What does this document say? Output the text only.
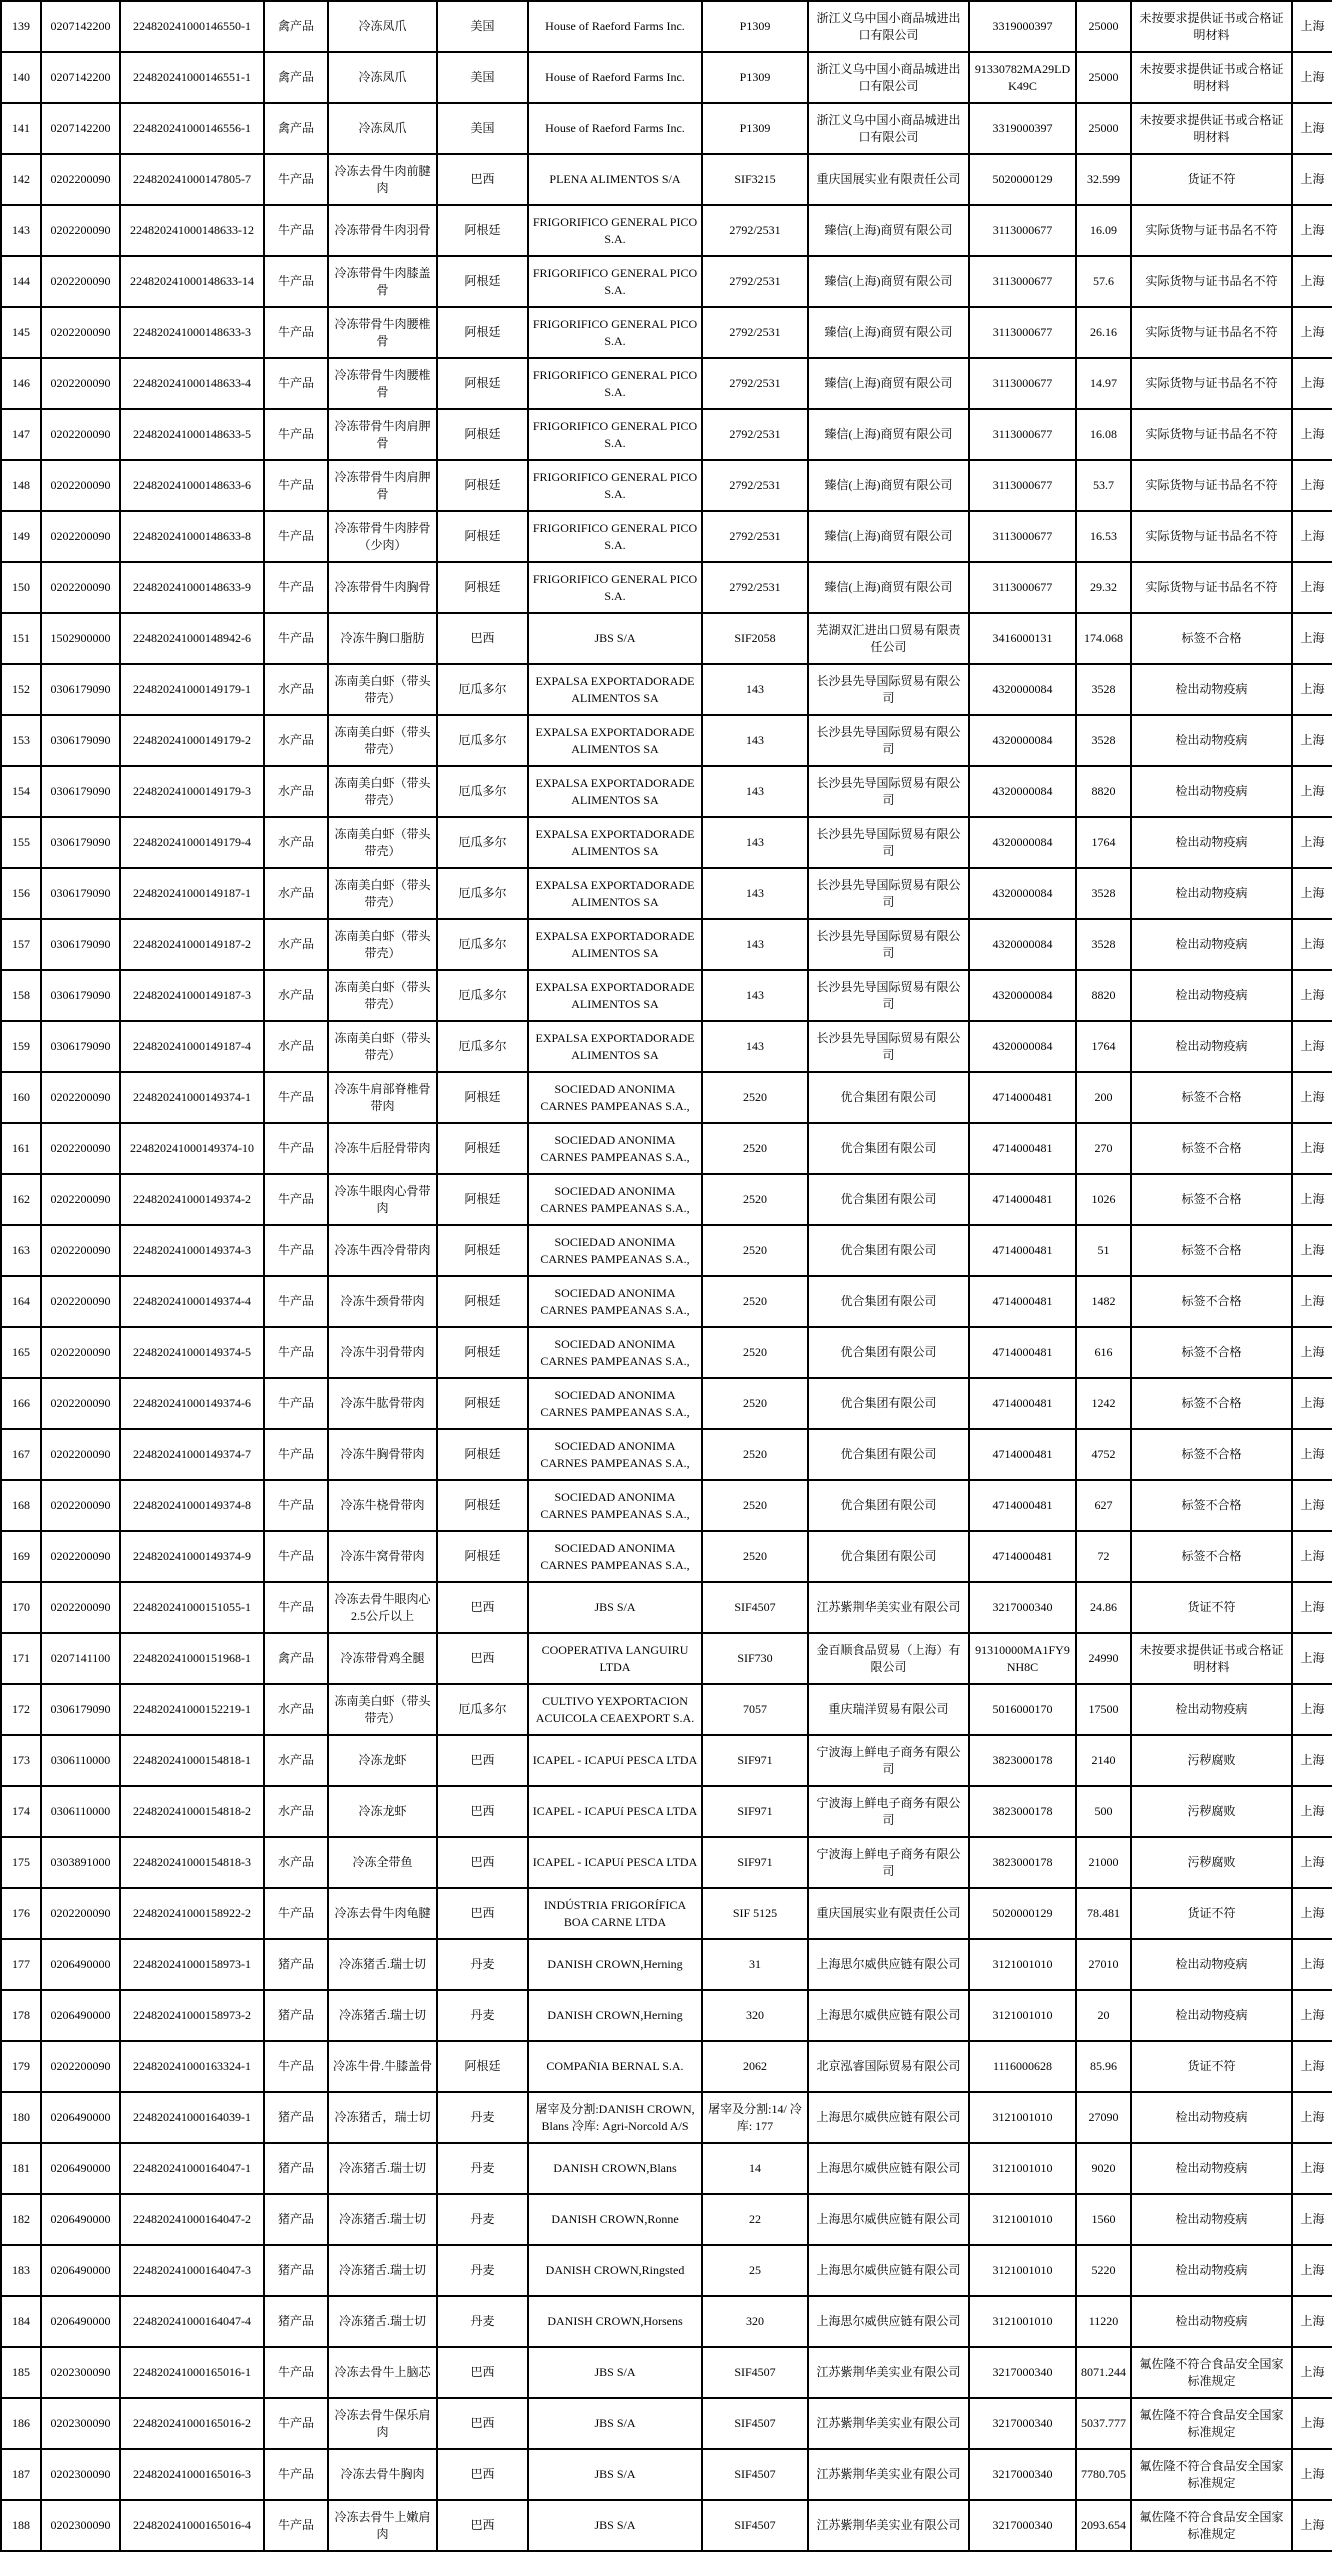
139	0207142200	224820241000146550-1	禽产品	冷冻凤爪	美国	House of Raeford Farms Inc.	P1309	浙江义乌中国小商品城进出口有限公司	3319000397	25000	未按要求提供证书或合格证明材料	上海
140	0207142200	224820241000146551-1	禽产品	冷冻凤爪	美国	House of Raeford Farms Inc.	P1309	浙江义乌中国小商品城进出口有限公司	91330782MA29LDK49C	25000	未按要求提供证书或合格证明材料	上海
141	0207142200	224820241000146556-1	禽产品	冷冻凤爪	美国	House of Raeford Farms Inc.	P1309	浙江义乌中国小商品城进出口有限公司	3319000397	25000	未按要求提供证书或合格证明材料	上海
142	0202200090	224820241000147805-7	牛产品	冷冻去骨牛肉前腱肉	巴西	PLENA ALIMENTOS S/A	SIF3215	重庆国展实业有限责任公司	5020000129	32.599	货证不符	上海
143	0202200090	224820241000148633-12	牛产品	冷冻带骨牛肉羽骨	阿根廷	FRIGORIFICO GENERAL PICO S.A.	2792/2531	臻信(上海)商贸有限公司	3113000677	16.09	实际货物与证书品名不符	上海
144	0202200090	224820241000148633-14	牛产品	冷冻带骨牛肉膝盖骨	阿根廷	FRIGORIFICO GENERAL PICO S.A.	2792/2531	臻信(上海)商贸有限公司	3113000677	57.6	实际货物与证书品名不符	上海
145	0202200090	224820241000148633-3	牛产品	冷冻带骨牛肉腰椎骨	阿根廷	FRIGORIFICO GENERAL PICO S.A.	2792/2531	臻信(上海)商贸有限公司	3113000677	26.16	实际货物与证书品名不符	上海
146	0202200090	224820241000148633-4	牛产品	冷冻带骨牛肉腰椎骨	阿根廷	FRIGORIFICO GENERAL PICO S.A.	2792/2531	臻信(上海)商贸有限公司	3113000677	14.97	实际货物与证书品名不符	上海
147	0202200090	224820241000148633-5	牛产品	冷冻带骨牛肉肩胛骨	阿根廷	FRIGORIFICO GENERAL PICO S.A.	2792/2531	臻信(上海)商贸有限公司	3113000677	16.08	实际货物与证书品名不符	上海
148	0202200090	224820241000148633-6	牛产品	冷冻带骨牛肉肩胛骨	阿根廷	FRIGORIFICO GENERAL PICO S.A.	2792/2531	臻信(上海)商贸有限公司	3113000677	53.7	实际货物与证书品名不符	上海
149	0202200090	224820241000148633-8	牛产品	冷冻带骨牛肉脖骨（少肉）	阿根廷	FRIGORIFICO GENERAL PICO S.A.	2792/2531	臻信(上海)商贸有限公司	3113000677	16.53	实际货物与证书品名不符	上海
150	0202200090	224820241000148633-9	牛产品	冷冻带骨牛肉胸骨	阿根廷	FRIGORIFICO GENERAL PICO S.A.	2792/2531	臻信(上海)商贸有限公司	3113000677	29.32	实际货物与证书品名不符	上海
151	1502900000	224820241000148942-6	牛产品	冷冻牛胸口脂肪	巴西	JBS S/A	SIF2058	芜湖双汇进出口贸易有限责任公司	3416000131	174.068	标签不合格	上海
152	0306179090	224820241000149179-1	水产品	冻南美白虾（带头带壳）	厄瓜多尔	EXPALSA EXPORTADORADE ALIMENTOS SA	143	长沙县先导国际贸易有限公司	4320000084	3528	检出动物疫病	上海
153	0306179090	224820241000149179-2	水产品	冻南美白虾（带头带壳）	厄瓜多尔	EXPALSA EXPORTADORADE ALIMENTOS SA	143	长沙县先导国际贸易有限公司	4320000084	3528	检出动物疫病	上海
154	0306179090	224820241000149179-3	水产品	冻南美白虾（带头带壳）	厄瓜多尔	EXPALSA EXPORTADORADE ALIMENTOS SA	143	长沙县先导国际贸易有限公司	4320000084	8820	检出动物疫病	上海
155	0306179090	224820241000149179-4	水产品	冻南美白虾（带头带壳）	厄瓜多尔	EXPALSA EXPORTADORADE ALIMENTOS SA	143	长沙县先导国际贸易有限公司	4320000084	1764	检出动物疫病	上海
156	0306179090	224820241000149187-1	水产品	冻南美白虾（带头带壳）	厄瓜多尔	EXPALSA EXPORTADORADE ALIMENTOS SA	143	长沙县先导国际贸易有限公司	4320000084	3528	检出动物疫病	上海
157	0306179090	224820241000149187-2	水产品	冻南美白虾（带头带壳）	厄瓜多尔	EXPALSA EXPORTADORADE ALIMENTOS SA	143	长沙县先导国际贸易有限公司	4320000084	3528	检出动物疫病	上海
158	0306179090	224820241000149187-3	水产品	冻南美白虾（带头带壳）	厄瓜多尔	EXPALSA EXPORTADORADE ALIMENTOS SA	143	长沙县先导国际贸易有限公司	4320000084	8820	检出动物疫病	上海
159	0306179090	224820241000149187-4	水产品	冻南美白虾（带头带壳）	厄瓜多尔	EXPALSA EXPORTADORADE ALIMENTOS SA	143	长沙县先导国际贸易有限公司	4320000084	1764	检出动物疫病	上海
160	0202200090	224820241000149374-1	牛产品	冷冻牛肩部脊椎骨带肉	阿根廷	SOCIEDAD ANONIMA CARNES PAMPEANAS S.A.,	2520	优合集团有限公司	4714000481	200	标签不合格	上海
161	0202200090	224820241000149374-10	牛产品	冷冻牛后胫骨带肉	阿根廷	SOCIEDAD ANONIMA CARNES PAMPEANAS S.A.,	2520	优合集团有限公司	4714000481	270	标签不合格	上海
162	0202200090	224820241000149374-2	牛产品	冷冻牛眼肉心骨带肉	阿根廷	SOCIEDAD ANONIMA CARNES PAMPEANAS S.A.,	2520	优合集团有限公司	4714000481	1026	标签不合格	上海
163	0202200090	224820241000149374-3	牛产品	冷冻牛西冷骨带肉	阿根廷	SOCIEDAD ANONIMA CARNES PAMPEANAS S.A.,	2520	优合集团有限公司	4714000481	51	标签不合格	上海
164	0202200090	224820241000149374-4	牛产品	冷冻牛颈骨带肉	阿根廷	SOCIEDAD ANONIMA CARNES PAMPEANAS S.A.,	2520	优合集团有限公司	4714000481	1482	标签不合格	上海
165	0202200090	224820241000149374-5	牛产品	冷冻牛羽骨带肉	阿根廷	SOCIEDAD ANONIMA CARNES PAMPEANAS S.A.,	2520	优合集团有限公司	4714000481	616	标签不合格	上海
166	0202200090	224820241000149374-6	牛产品	冷冻牛肱骨带肉	阿根廷	SOCIEDAD ANONIMA CARNES PAMPEANAS S.A.,	2520	优合集团有限公司	4714000481	1242	标签不合格	上海
167	0202200090	224820241000149374-7	牛产品	冷冻牛胸骨带肉	阿根廷	SOCIEDAD ANONIMA CARNES PAMPEANAS S.A.,	2520	优合集团有限公司	4714000481	4752	标签不合格	上海
168	0202200090	224820241000149374-8	牛产品	冷冻牛桡骨带肉	阿根廷	SOCIEDAD ANONIMA CARNES PAMPEANAS S.A.,	2520	优合集团有限公司	4714000481	627	标签不合格	上海
169	0202200090	224820241000149374-9	牛产品	冷冻牛窝骨带肉	阿根廷	SOCIEDAD ANONIMA CARNES PAMPEANAS S.A.,	2520	优合集团有限公司	4714000481	72	标签不合格	上海
170	0202200090	224820241000151055-1	牛产品	冷冻去骨牛眼肉心 2.5公斤以上	巴西	JBS S/A	SIF4507	江苏紫荆华美实业有限公司	3217000340	24.86	货证不符	上海
171	0207141100	224820241000151968-1	禽产品	冷冻带骨鸡全腿	巴西	COOPERATIVA LANGUIRU LTDA	SIF730	金百顺食品贸易（上海）有限公司	91310000MA1FY9NH8C	24990	未按要求提供证书或合格证明材料	上海
172	0306179090	224820241000152219-1	水产品	冻南美白虾（带头带壳）	厄瓜多尔	CULTIVO YEXPORTACION ACUICOLA CEAEXPORT S.A.	7057	重庆瑞洋贸易有限公司	5016000170	17500	检出动物疫病	上海
173	0306110000	224820241000154818-1	水产品	冷冻龙虾	巴西	ICAPEL - ICAPUí PESCA LTDA	SIF971	宁波海上鲜电子商务有限公司	3823000178	2140	污秽腐败	上海
174	0306110000	224820241000154818-2	水产品	冷冻龙虾	巴西	ICAPEL - ICAPUí PESCA LTDA	SIF971	宁波海上鲜电子商务有限公司	3823000178	500	污秽腐败	上海
175	0303891000	224820241000154818-3	水产品	冷冻全带鱼	巴西	ICAPEL - ICAPUí PESCA LTDA	SIF971	宁波海上鲜电子商务有限公司	3823000178	21000	污秽腐败	上海
176	0202200090	224820241000158922-2	牛产品	冷冻去骨牛肉龟腱	巴西	INDÚSTRIA FRIGORÍFICA BOA CARNE LTDA	SIF 5125	重庆国展实业有限责任公司	5020000129	78.481	货证不符	上海
177	0206490000	224820241000158973-1	猪产品	冷冻猪舌.瑞士切	丹麦	DANISH CROWN,Herning	31	上海思尔威供应链有限公司	3121001010	27010	检出动物疫病	上海
178	0206490000	224820241000158973-2	猪产品	冷冻猪舌.瑞士切	丹麦	DANISH CROWN,Herning	320	上海思尔威供应链有限公司	3121001010	20	检出动物疫病	上海
179	0202200090	224820241000163324-1	牛产品	冷冻牛骨.牛膝盖骨	阿根廷	COMPAÑIA BERNAL S.A.	2062	北京泓睿国际贸易有限公司	1116000628	85.96	货证不符	上海
180	0206490000	224820241000164039-1	猪产品	冷冻猪舌，瑞士切	丹麦	屠宰及分割:DANISH CROWN, Blans 冷库: Agri-Norcold A/S	屠宰及分割:14/ 冷库: 177	上海思尔威供应链有限公司	3121001010	27090	检出动物疫病	上海
181	0206490000	224820241000164047-1	猪产品	冷冻猪舌.瑞士切	丹麦	DANISH CROWN,Blans	14	上海思尔威供应链有限公司	3121001010	9020	检出动物疫病	上海
182	0206490000	224820241000164047-2	猪产品	冷冻猪舌.瑞士切	丹麦	DANISH CROWN,Ronne	22	上海思尔威供应链有限公司	3121001010	1560	检出动物疫病	上海
183	0206490000	224820241000164047-3	猪产品	冷冻猪舌.瑞士切	丹麦	DANISH CROWN,Ringsted	25	上海思尔威供应链有限公司	3121001010	5220	检出动物疫病	上海
184	0206490000	224820241000164047-4	猪产品	冷冻猪舌.瑞士切	丹麦	DANISH CROWN,Horsens	320	上海思尔威供应链有限公司	3121001010	11220	检出动物疫病	上海
185	0202300090	224820241000165016-1	牛产品	冷冻去骨牛上脑芯	巴西	JBS S/A	SIF4507	江苏紫荆华美实业有限公司	3217000340	8071.244	氟佐隆不符合食品安全国家标准规定	上海
186	0202300090	224820241000165016-2	牛产品	冷冻去骨牛保乐肩肉	巴西	JBS S/A	SIF4507	江苏紫荆华美实业有限公司	3217000340	5037.777	氟佐隆不符合食品安全国家标准规定	上海
187	0202300090	224820241000165016-3	牛产品	冷冻去骨牛胸肉	巴西	JBS S/A	SIF4507	江苏紫荆华美实业有限公司	3217000340	7780.705	氟佐隆不符合食品安全国家标准规定	上海
188	0202300090	224820241000165016-4	牛产品	冷冻去骨牛上嫩肩肉	巴西	JBS S/A	SIF4507	江苏紫荆华美实业有限公司	3217000340	2093.654	氟佐隆不符合食品安全国家标准规定	上海
